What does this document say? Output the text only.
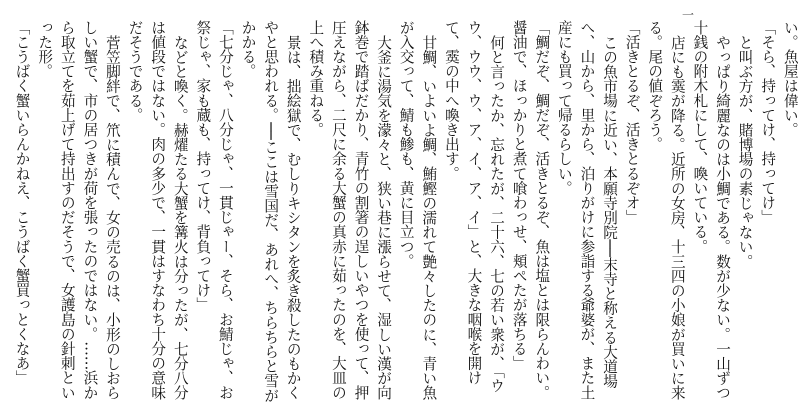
一

い。魚屋は偉い。

「そら、持ってけ、持ってけ」

と叫ぶ方が、賭博場の素じゃない。

やっぱり綺麗なのは小鯛である。数が少ない。一山ずつ十銭の附木札にして、喚いている。

店にも霙が降る。近所の女房、十三四の小娘が買いに来る。尾の値ぞろう。

「活きとるぞ、活きとるぞオ」

この魚市場に近い、本願寺別院──末寺と称える大道場へ、山から、里から、泊りがけに参詣する爺婆が、また土産にも買って帰るらしい。

「鯛だぞ、鯛だぞ、活きとるぞ、魚は塩とは限らんわい。醤油で、ほっかりと煮て喰わっせ、頬ぺたが落ちる」

何と言ったか、忘れたが、二十六、七の若い衆が、「ウウ、ウウ、ウ、ア、イ、ア、イ」と、大きな咽喉を開けて、霙の中へ喚き出す。

甘鯛、いよいよ鯛、鮪鰹の濡れて艶々したのに、青い魚が入交って、鯖も鯵も、黄に目立つ。

大釜に湯気を濛々と、狭い巷に漲らせて、湿しい漢が向鉢巻で踏ばだかり、青竹の割箸の逞しいやつを使って、押圧えながら、二尺に余る大蟹の真赤に茹ったのを、大皿の上へ積み重ねる。

景は、拙絵獄で、むしりキシタンを炙き殺したのもかくやと思われる。──ここは雪国だ、あれへ、ちらちらと雪がかかる。

「七分じゃ、八分じゃ、一貫じゃー、そら、お鯖じゃ、お祭じゃ、家も蔵も、持ってけ、背負ってけ」

などと喚く。赫燿たる大蟹を篝火は分ったが、七分八分は値段ではない。肉の多少で、一貫はすなわち十分の意味だそうである。

菅笠脚絆で、笊に積んで、女の売るのは、小形のしおらしい蟹で、市の居つきが荷を張ったのではない。……浜から取立てを茹上げて持出すのだそうで、女護島の針刺といった形。

「こうばく蟹いらんかねえ、こうばく蟹買っとくなあ」
